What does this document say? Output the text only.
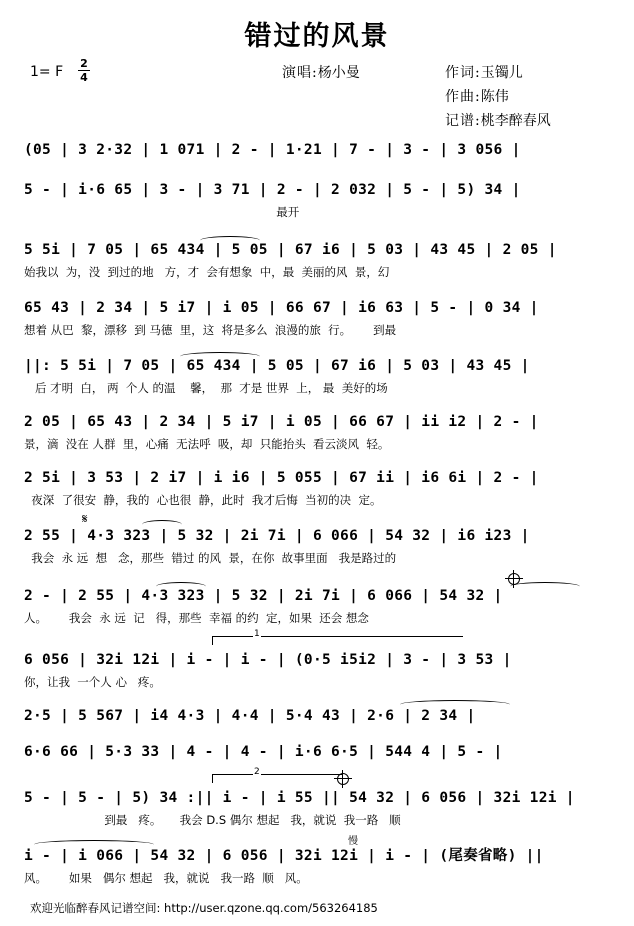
错过的风景
1= F
2
4	演唱:杨小曼	作词:玉镯儿
作曲:陈伟
记谱:桃李醉春风
(05 | 3 2·32 | 1 071 | 2 - | 1·21 | 7 - | 3 - | 3 056 |
5 - | i·6 65 | 3 - | 3 71 | 2 - | 2 032 | 5 - | 5) 34 |
最开
5 5i | 7 05 | 65 434 | 5 05 | 67 i6 | 5 03 | 43 45 | 2 05 |
始我以  为，没  到过的地   方，才  会有想象  中，最  美丽的风  景，幻
65 43 | 2 34 | 5 i7 | i 05 | 66 67 | i6 63 | 5 - | 0 34 |
想着 从巴  黎，漂移  到 马德  里，这  将是多么  浪漫的旅  行。      到最
||: 5 5i | 7 05 | 65 434 | 5 05 | 67 i6 | 5 03 | 43 45 |
后 才明  白， 两  个人 的温    馨，  那  才是 世界  上， 最  美好的场
2 05 | 65 43 | 2 34 | 5 i7 | i 05 | 66 67 | ii i2 | 2 - |
景，滴  没在 人群  里，心痛  无法呼  吸，却  只能抬头  看云淡风  轻。
2 5i | 3 53 | 2 i7 | i i6 | 5 055 | 67 ii | i6 6i | 2 - |
夜深  了很安  静，我的  心也很  静，此时  我才后悔  当初的决  定。
2 55 | 4·3 323 | 5 32 | 2i 7i | 6 066 | 54 32 | i6 i23 |
我会  永 远  想   念，那些  错过 的风  景，在你  故事里面   我是路过的
2 - | 2 55 | 4·3 323 | 5 32 | 2i 7i | 6 066 | 54 32 |
人。      我会  永 远  记   得，那些  幸福 的约  定，如果  还会 想念
6 056 | 32i 12i | i - | i - | (0·5 i5i2 | 3 - | 3 53 |
你，让我  一个人 心   疼。
2·5 | 5 567 | i4 4·3 | 4·4 | 5·4 43 | 2·6 | 2 34 |
6·6 66 | 5·3 33 | 4 - | 4 - | i·6 6·5 | 544 4 | 5 - |
5 - | 5 - | 5) 34 :|| i - | i 55 || 54 32 | 6 056 | 32i 12i |
到最   疼。     我会 D.S 偶尔 想起   我，就说  我一路   顺
i - | i 066 | 54 32 | 6 056 | 32i 12i | i - | (尾奏省略) ||
风。      如果   偶尔 想起   我，就说   我一路  顺   风。
1
2
𝄋
慢
欢迎光临醉春风记谱空间: http://user.qzone.qq.com/563264185
